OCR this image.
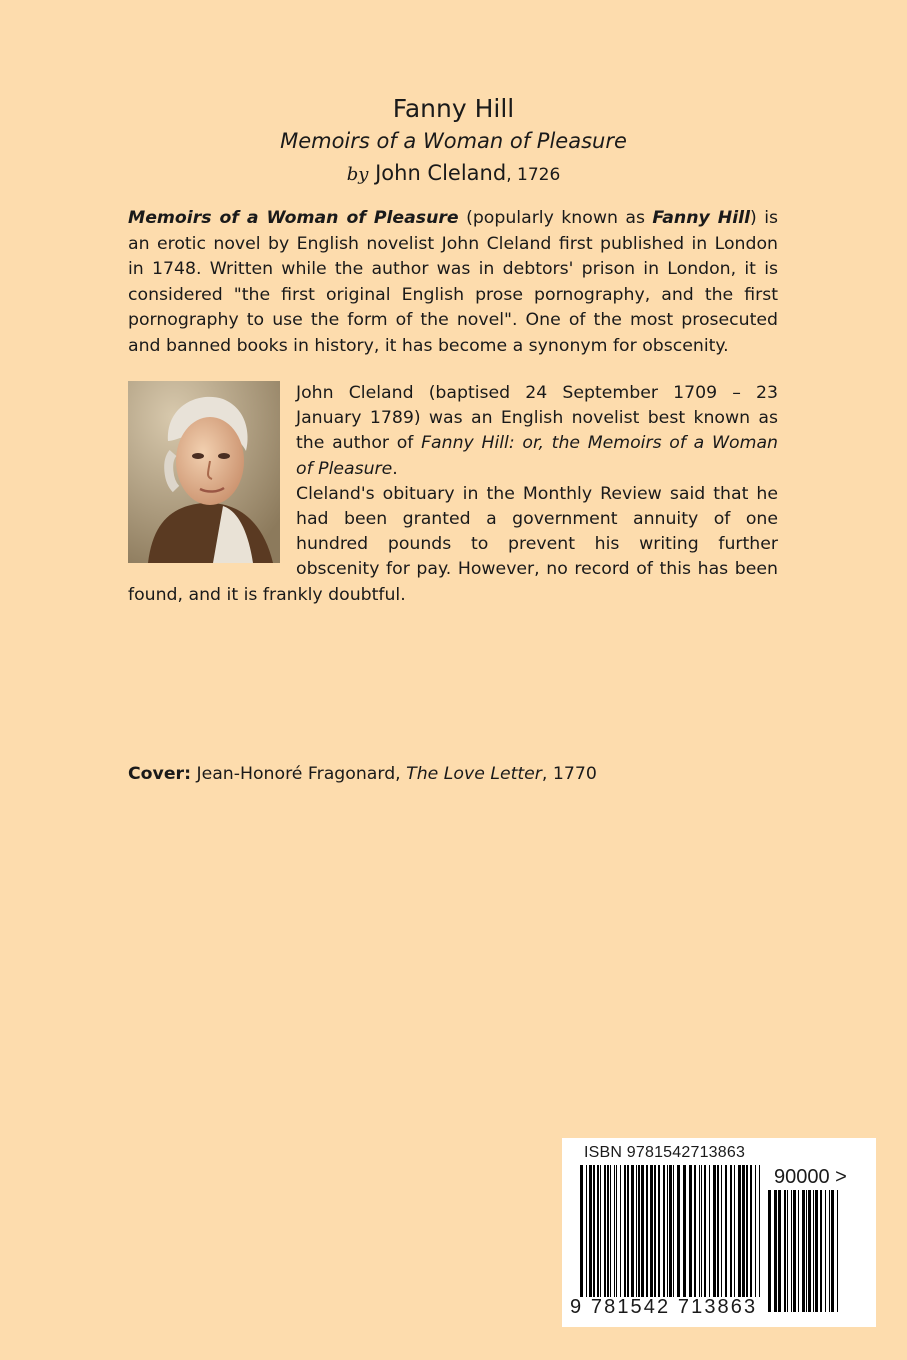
Fanny Hill
Memoirs of a Woman of Pleasure
by John Cleland, 1726

Memoirs of a Woman of Pleasure (popularly known as Fanny Hill) is an erotic novel by English novelist John Cleland first published in London in 1748. Written while the author was in debtors' prison in London, it is considered "the first original English prose pornography, and the first pornography to use the form of the novel". One of the most prosecuted and banned books in history, it has become a synonym for obscenity.

John Cleland (baptised 24 September 1709 – 23 January 1789) was an English novelist best known as the author of Fanny Hill: or, the Memoirs of a Woman of Pleasure.

Cleland's obituary in the Monthly Review said that he had been granted a government annuity of one hundred pounds to prevent his writing further obscenity for pay. However, no record of this has been found, and it is frankly doubtful.

Cover: Jean-Honoré Fragonard, The Love Letter, 1770
ISBN 9781542713863
90000 >
9 781542 713863
